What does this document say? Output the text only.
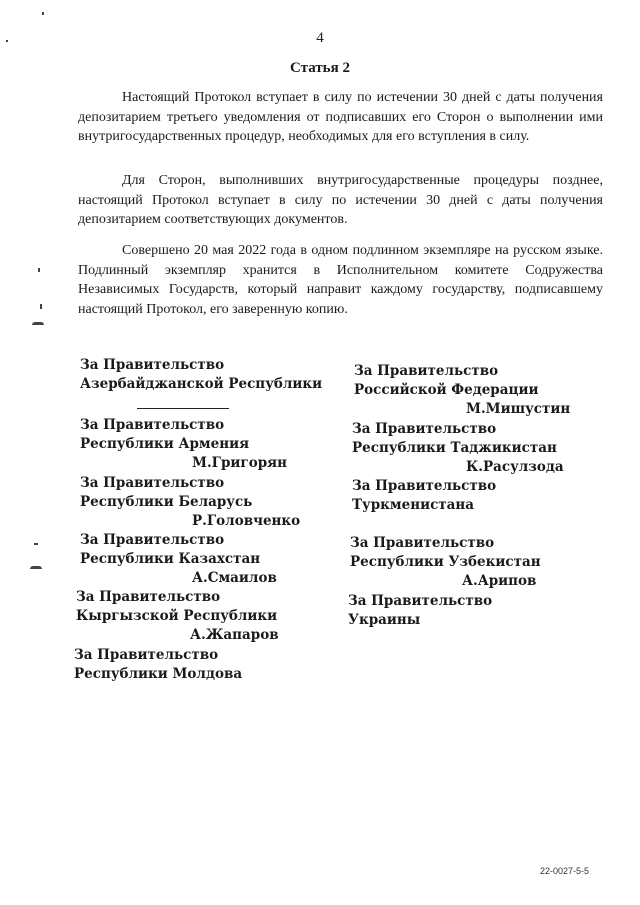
4
Статья 2

Настоящий Протокол вступает в силу по истечении 30 дней с даты получения депозитарием третьего уведомления от подписавших его Сторон о выполнении ими внутригосударственных процедур, необходимых для его вступления в силу.

Для Сторон, выполнивших внутригосударственные процедуры позднее, настоящий Протокол вступает в силу по истечении 30 дней с даты получения депозитарием соответствующих документов.

Совершено 20 мая 2022 года в одном подлинном экземпляре на русском языке. Подлинный экземпляр хранится в Исполнительном комитете Содружества Независимых Государств, который направит каждому государству, подписавшему настоящий Протокол, его заверенную копию.

За Правительство
Азербайджанской Республики
За Правительство
Республики Армения
М.Григорян
За Правительство
Республики Беларусь
Р.Головченко
За Правительство
Республики Казахстан
А.Смаилов
За Правительство
Кыргызской Республики
А.Жапаров
За Правительство
Республики Молдова
За Правительство
Российской Федерации
М.Мишустин
За Правительство
Республики Таджикистан
К.Расулзода
За Правительство
Туркменистана
За Правительство
Республики Узбекистан
А.Арипов
За Правительство
Украины
22-0027-5-5
